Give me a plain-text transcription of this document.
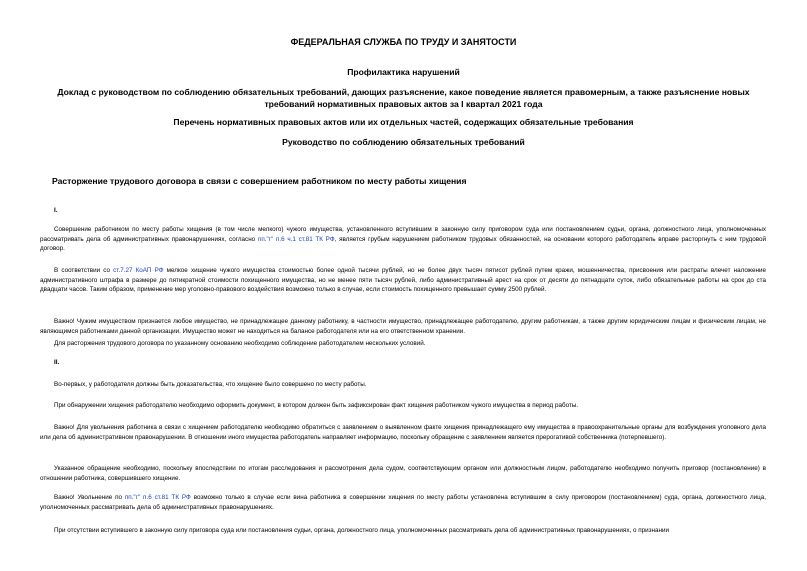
ФЕДЕРАЛЬНАЯ СЛУЖБА ПО ТРУДУ И ЗАНЯТОСТИ
Профилактика нарушений
Доклад с руководством по соблюдению обязательных требований, дающих разъяснение, какое поведение является правомерным, а также разъяснение новых требований нормативных правовых актов за I квартал 2021 года
Перечень нормативных правовых актов или их отдельных частей, содержащих обязательные требования
Руководство по соблюдению обязательных требований
Расторжение трудового договора в связи с совершением работником по месту работы хищения
I.
Совершение работником по месту работы хищения (в том числе мелкого) чужого имущества, установленного вступившим в законную силу приговором суда или постановлением судьи, органа, должностного лица, уполномоченных рассматривать дела об административных правонарушениях, согласно пп."г" п.6 ч.1 ст.81 ТК РФ, является грубым нарушением работником трудовых обязанностей, на основании которого работодатель вправе расторгнуть с ним трудовой договор.
В соответствии со ст.7.27 КоАП РФ мелкое хищение чужого имущества стоимостью более одной тысячи рублей, но не более двух тысяч пятисот рублей путем кражи, мошенничества, присвоения или растраты влечет наложение административного штрафа в размере до пятикратной стоимости похищенного имущества, но не менее пяти тысяч рублей, либо административный арест на срок от десяти до пятнадцати суток, либо обязательные работы на срок до ста двадцати часов. Таким образом, применение мер уголовно-правового воздействия возможно только в случае, если стоимость похищенного превышает сумму 2500 рублей.
Важно! Чужим имуществом признается любое имущество, не принадлежащее данному работнику, в частности имущество, принадлежащее работодателю, другим работникам, а также другим юридическим лицам и физическим лицам, не являющимся работниками данной организации. Имущество может не находиться на балансе работодателя или на его ответственном хранении.
Для расторжения трудового договора по указанному основанию необходимо соблюдение работодателем нескольких условий.
II.
Во-первых, у работодателя должны быть доказательства, что хищение было совершено по месту работы.
При обнаружении хищения работодателю необходимо оформить документ, в котором должен быть зафиксирован факт хищения работником чужого имущества в период работы.
Важно! Для увольнения работника в связи с хищением работодателю необходимо обратиться с заявлением о выявленном факте хищения принадлежащего ему имущества в правоохранительные органы для возбуждения уголовного дела или дела об административном правонарушении. В отношении иного имущества работодатель направляет информацию, поскольку обращение с заявлением является прерогативой собственника (потерпевшего).
Указанное обращение необходимо, поскольку впоследствии по итогам расследования и рассмотрения дела судом, соответствующим органом или должностным лицом, работодателю необходимо получить приговор (постановление) в отношении работника, совершившего хищение.
Важно! Увольнение по пп."г" п.6 ст.81 ТК РФ возможно только в случае если вина работника в совершении хищения по месту работы установлена вступившим в силу приговором (постановлением) суда, органа, должностного лица, уполномоченных рассматривать дела об административных правонарушениях.
При отсутствии вступившего в законную силу приговора суда или постановления судьи, органа, должностного лица, уполномоченных рассматривать дела об административных правонарушениях, о признании
